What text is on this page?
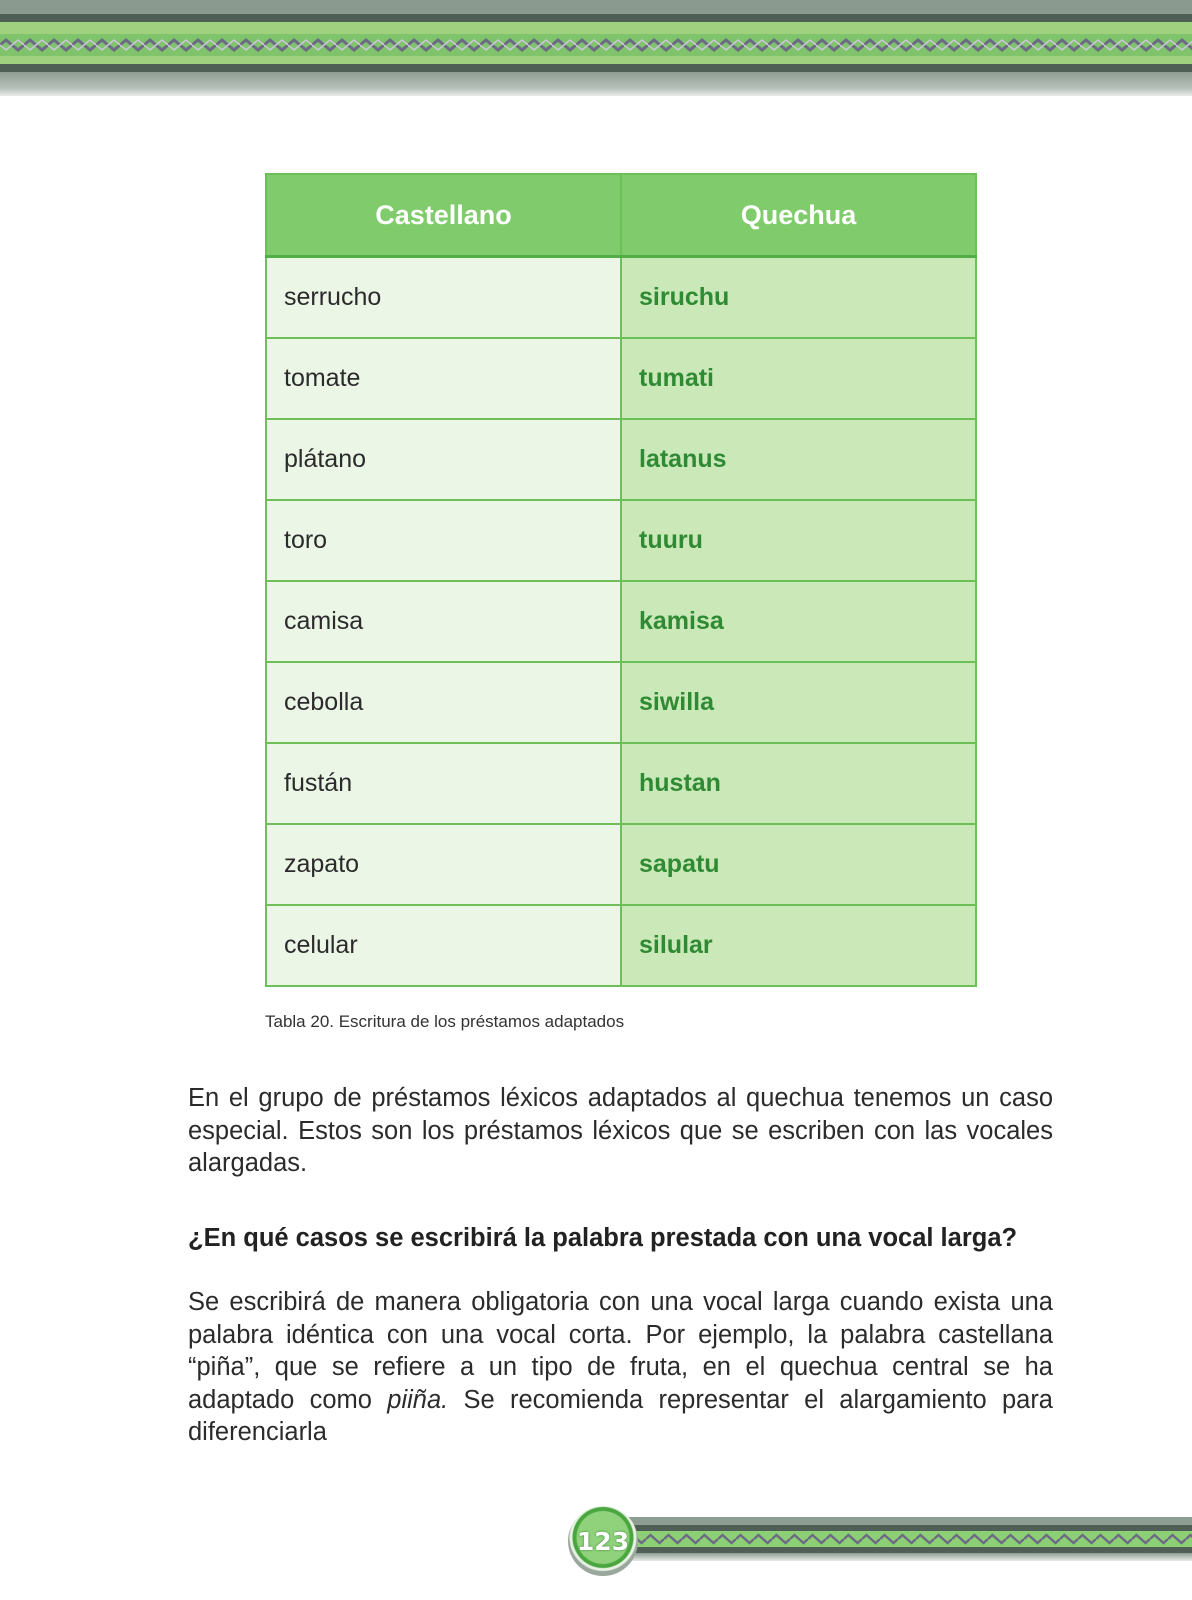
Castellano	Quechua
serrucho	siruchu
tomate	tumati
plátano	latanus
toro	tuuru
camisa	kamisa
cebolla	siwilla
fustán	hustan
zapato	sapatu
celular	silular
Tabla 20. Escritura de los préstamos adaptados

En el grupo de préstamos léxicos adaptados al quechua tenemos un caso especial. Estos son los préstamos léxicos que se escriben con las vocales alargadas.

¿En qué casos se escribirá la palabra prestada con una vocal larga?

Se escribirá de manera obligatoria con una vocal larga cuando exista una palabra idéntica con una vocal corta. Por ejemplo, la palabra castellana “piña”, que se refiere a un tipo de fruta, en el quechua central se ha adaptado como piiña. Se recomienda representar el alargamiento para diferenciarla

123
